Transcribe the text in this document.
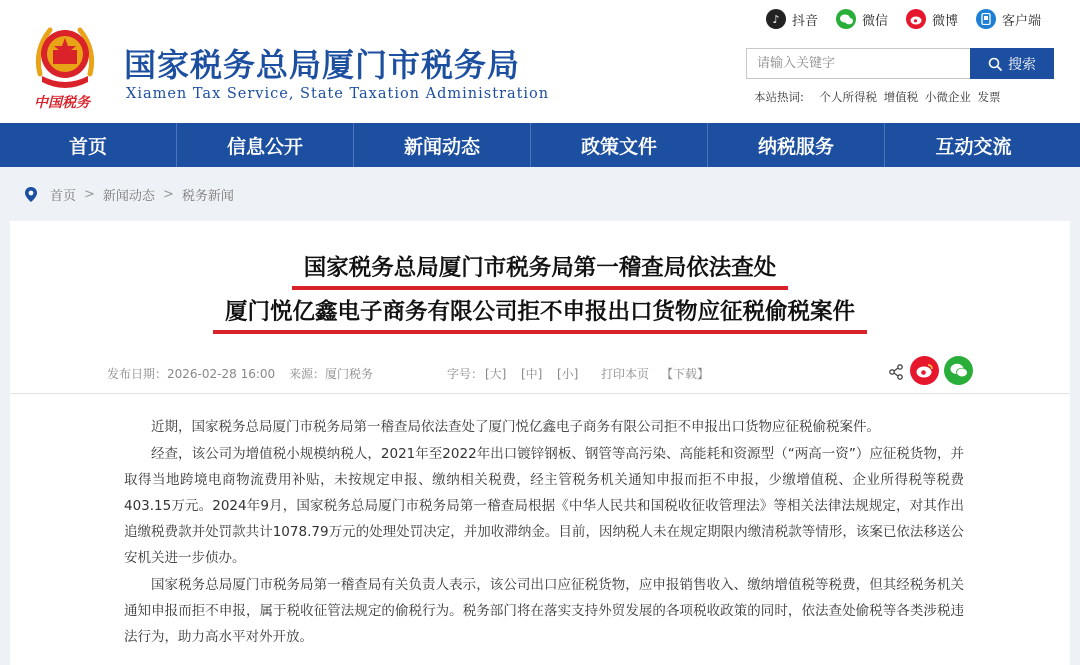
中国税务
国家税务总局厦门市税务局
Xiamen Tax Service, State Taxation Administration
♪ 抖音	微信	微博	客户端
请输入关键字
搜索
本站热词: 个人所得税 增值税 小微企业 发票
首页	信息公开	新闻动态	政策文件	纳税服务	互动交流
首页 > 新闻动态 > 税务新闻
国家税务总局厦门市税务局第一稽查局依法查处
厦门悦亿鑫电子商务有限公司拒不申报出口货物应征税偷税案件
发布日期：2026-02-28 16:00 来源：厦门税务	字号： [大] [中] [小] 打印本页 【下载】

近期，国家税务总局厦门市税务局第一稽查局依法查处了厦门悦亿鑫电子商务有限公司拒不申报出口货物应征税偷税案件。

经查，该公司为增值税小规模纳税人，2021年至2022年出口镀锌钢板、钢管等高污染、高能耗和资源型（“两高一资”）应征税货物，并取得当地跨境电商物流费用补贴，未按规定申报、缴纳相关税费，经主管税务机关通知申报而拒不申报，少缴增值税、企业所得税等税费403.15万元。2024年9月，国家税务总局厦门市税务局第一稽查局根据《中华人民共和国税收征收管理法》等相关法律法规规定，对其作出追缴税费款并处罚款共计1078.79万元的处理处罚决定，并加收滞纳金。目前，因纳税人未在规定期限内缴清税款等情形，该案已依法移送公安机关进一步侦办。

国家税务总局厦门市税务局第一稽查局有关负责人表示，该公司出口应征税货物，应申报销售收入、缴纳增值税等税费，但其经税务机关通知申报而拒不申报，属于税收征管法规定的偷税行为。税务部门将在落实支持外贸发展的各项税收政策的同时，依法查处偷税等各类涉税违法行为，助力高水平对外开放。
